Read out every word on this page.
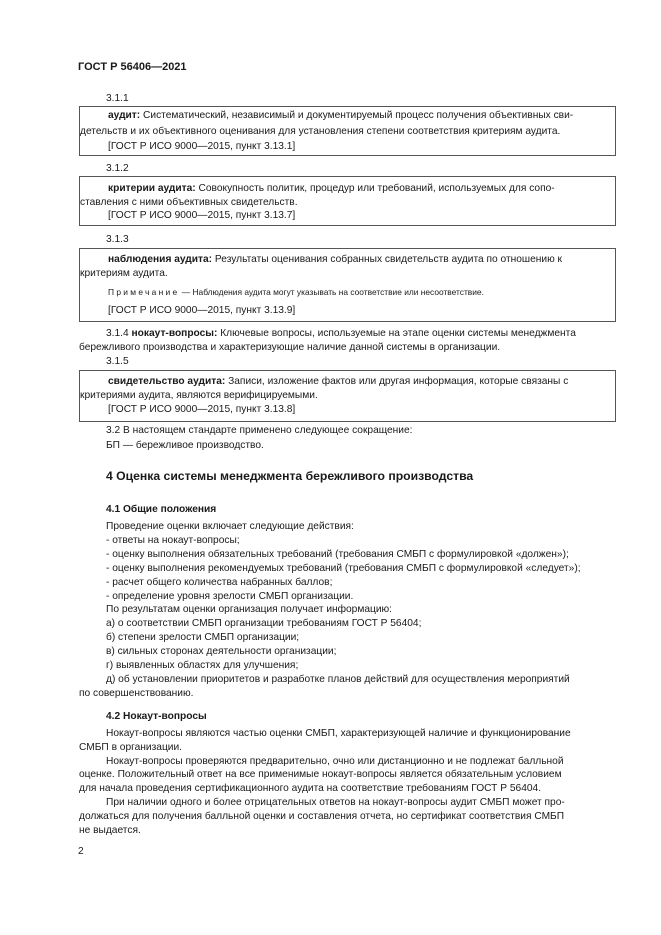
ГОСТ Р 56406—2021
3.1.1
аудит: Систематический, независимый и документируемый процесс получения объективных сви-
детельств и их объективного оценивания для установления степени соответствия критериям аудита.
[ГОСТ Р ИСО 9000—2015, пункт 3.13.1]
3.1.2
критерии аудита: Совокупность политик, процедур или требований, используемых для сопо-
ставления с ними объективных свидетельств.
[ГОСТ Р ИСО 9000—2015, пункт 3.13.7]
3.1.3
наблюдения аудита: Результаты оценивания собранных свидетельств аудита по отношению к
критериям аудита.
Примечание — Наблюдения аудита могут указывать на соответствие или несоответствие.
[ГОСТ Р ИСО 9000—2015, пункт 3.13.9]
3.1.4 нокаут-вопросы: Ключевые вопросы, используемые на этапе оценки системы менеджмента
бережливого производства и характеризующие наличие данной системы в организации.
3.1.5
свидетельство аудита: Записи, изложение фактов или другая информация, которые связаны с
критериями аудита, являются верифицируемыми.
[ГОСТ Р ИСО 9000—2015, пункт 3.13.8]
3.2 В настоящем стандарте применено следующее сокращение:
БП — бережливое производство.
4 Оценка системы менеджмента бережливого производства
4.1 Общие положения
Проведение оценки включает следующие действия:
- ответы на нокаут-вопросы;
- оценку выполнения обязательных требований (требования СМБП с формулировкой «должен»);
- оценку выполнения рекомендуемых требований (требования СМБП с формулировкой «следует»);
- расчет общего количества набранных баллов;
- определение уровня зрелости СМБП организации.
По результатам оценки организация получает информацию:
а) о соответствии СМБП организации требованиям ГОСТ Р 56404;
б) степени зрелости СМБП организации;
в) сильных сторонах деятельности организации;
г) выявленных областях для улучшения;
д) об установлении приоритетов и разработке планов действий для осуществления мероприятий
по совершенствованию.
4.2 Нокаут-вопросы
Нокаут-вопросы являются частью оценки СМБП, характеризующей наличие и функционирование
СМБП в организации.
Нокаут-вопросы проверяются предварительно, очно или дистанционно и не подлежат балльной
оценке. Положительный ответ на все применимые нокаут-вопросы является обязательным условием
для начала проведения сертификационного аудита на соответствие требованиям ГОСТ Р 56404.
При наличии одного и более отрицательных ответов на нокаут-вопросы аудит СМБП может про-
должаться для получения балльной оценки и составления отчета, но сертификат соответствия СМБП
не выдается.
2
